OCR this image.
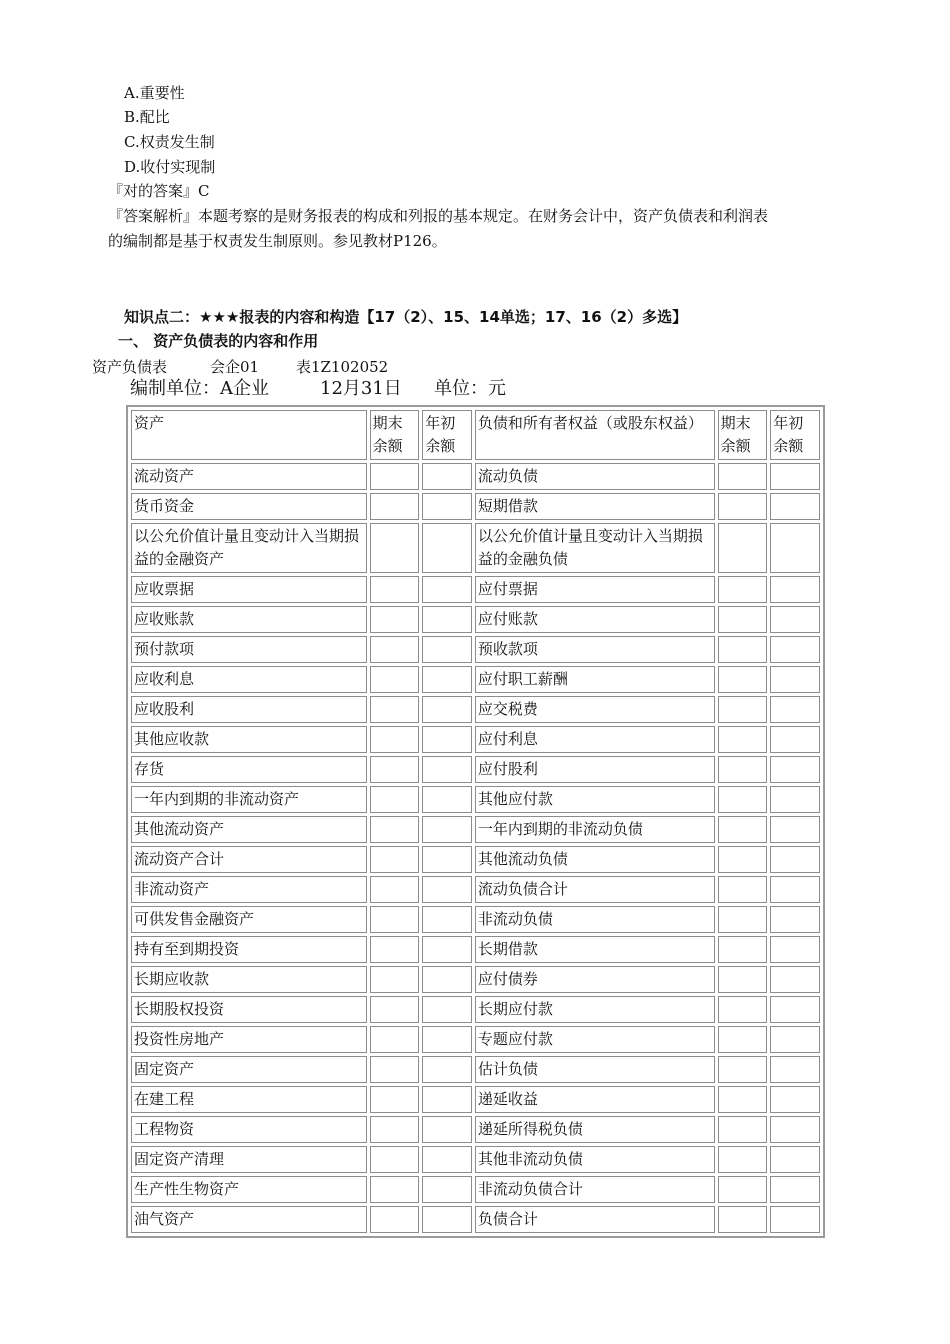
A.重要性
B.配比
C.权责发生制
D.收付实现制
『对的答案』C
『答案解析』本题考察的是财务报表的构成和列报的基本规定。在财务会计中，资产负债表和利润表
的编制都是基于权责发生制原则。参见教材P126。
知识点二：★★★报表的内容和构造【17（2）、15、14单选；17、16（2）多选】
一、 资产负债表的内容和作用
资产负债表	会企01 表1Z102052
编制单位：A企业	12月31日 单位：元
资产	期末余额	年初余额	负债和所有者权益（或股东权益）	期末余额	年初余额
流动资产			流动负债		
货币资金			短期借款		
以公允价值计量且变动计入当期损益的金融资产			以公允价值计量且变动计入当期损益的金融负债		
应收票据			应付票据		
应收账款			应付账款		
预付款项			预收款项		
应收利息			应付职工薪酬		
应收股利			应交税费		
其他应收款			应付利息		
存货			应付股利		
一年内到期的非流动资产			其他应付款		
其他流动资产			一年内到期的非流动负债		
流动资产合计			其他流动负债		
非流动资产			流动负债合计		
可供发售金融资产			非流动负债		
持有至到期投资			长期借款		
长期应收款			应付债券		
长期股权投资			长期应付款		
投资性房地产			专题应付款		
固定资产			估计负债		
在建工程			递延收益		
工程物资			递延所得税负债		
固定资产清理			其他非流动负债		
生产性生物资产			非流动负债合计		
油气资产			负债合计		
